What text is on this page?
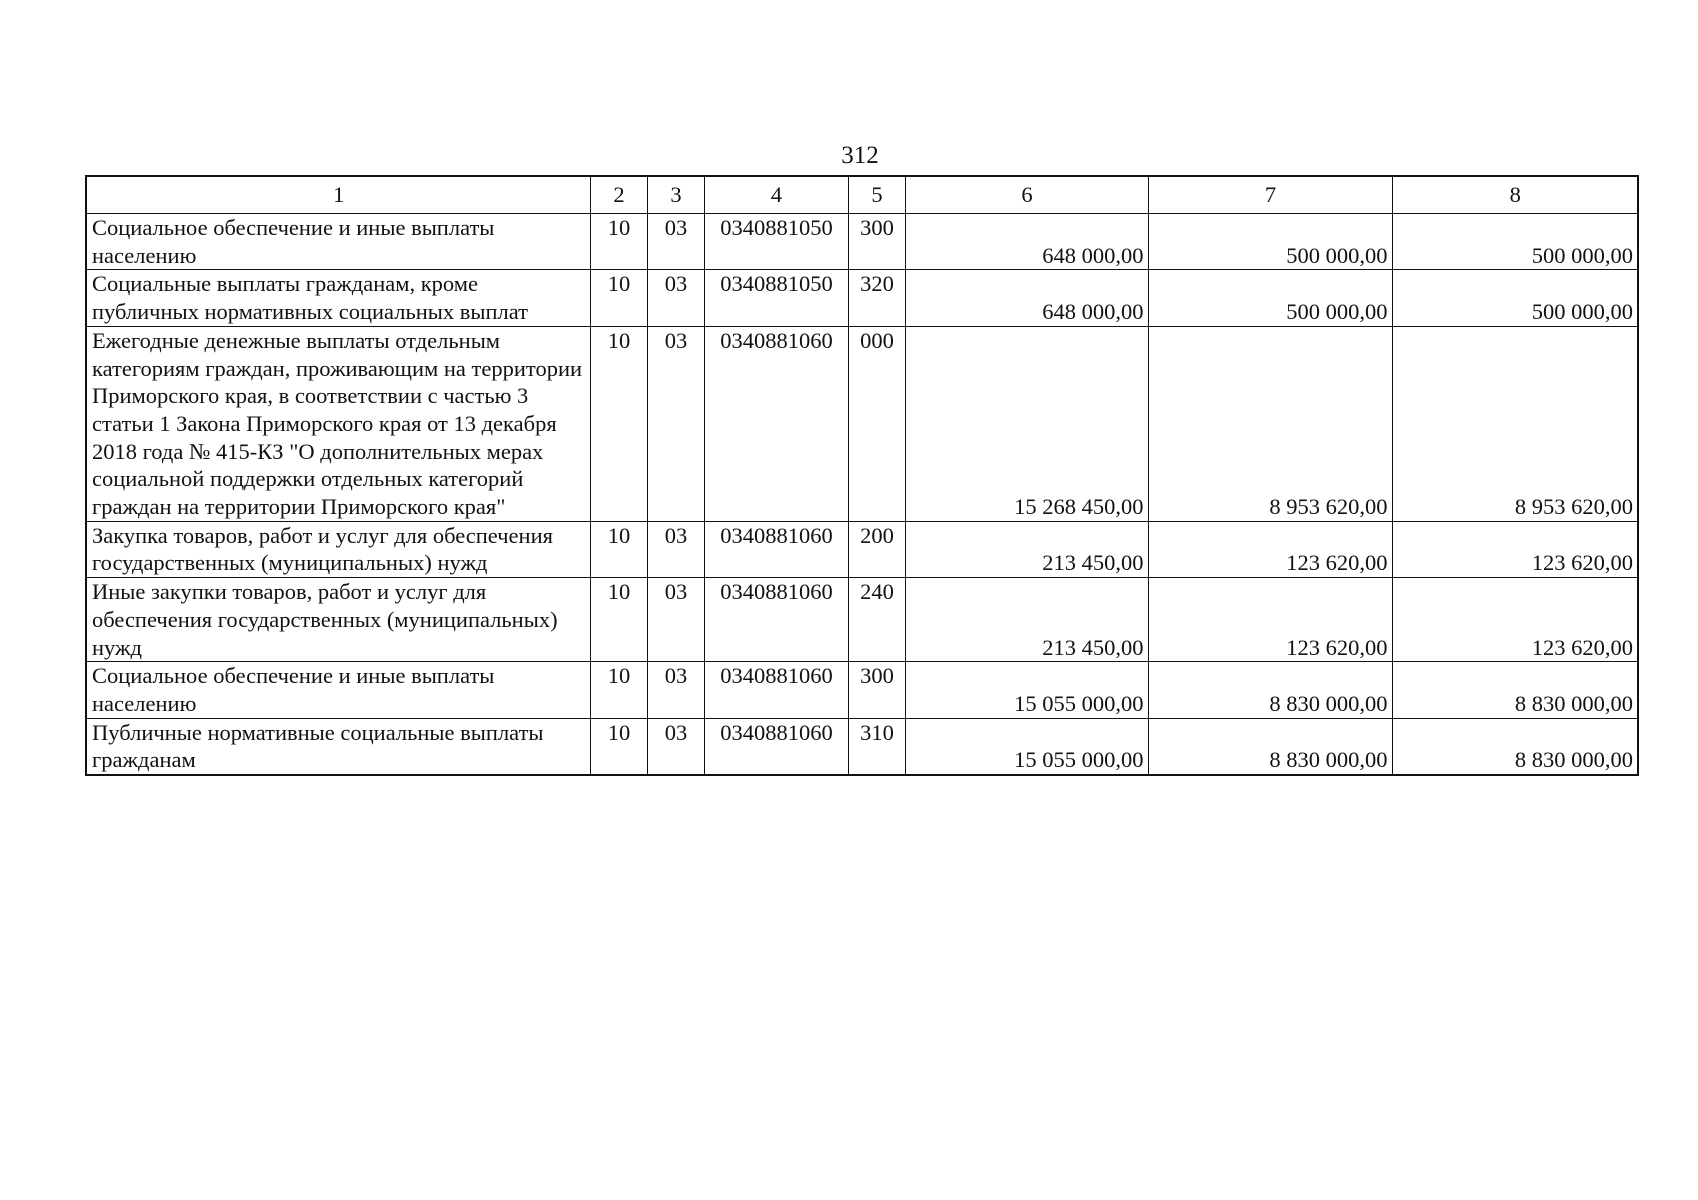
312
1	2	3	4	5	6	7	8
Социальное обеспечение и иные выплаты населению	10	03	0340881050	300	648 000,00	500 000,00	500 000,00
Социальные выплаты гражданам, кроме публичных нормативных социальных выплат	10	03	0340881050	320	648 000,00	500 000,00	500 000,00
Ежегодные денежные выплаты отдельным категориям граждан, проживающим на территории Приморского края, в соответствии с частью 3 статьи 1 Закона Приморского края от 13 декабря 2018 года № 415-КЗ "О дополнительных мерах социальной поддержки отдельных категорий граждан на территории Приморского края"	10	03	0340881060	000	15 268 450,00	8 953 620,00	8 953 620,00
Закупка товаров, работ и услуг для обеспечения государственных (муниципальных) нужд	10	03	0340881060	200	213 450,00	123 620,00	123 620,00
Иные закупки товаров, работ и услуг для обеспечения государственных (муниципальных) нужд	10	03	0340881060	240	213 450,00	123 620,00	123 620,00
Социальное обеспечение и иные выплаты населению	10	03	0340881060	300	15 055 000,00	8 830 000,00	8 830 000,00
Публичные нормативные социальные выплаты гражданам	10	03	0340881060	310	15 055 000,00	8 830 000,00	8 830 000,00
